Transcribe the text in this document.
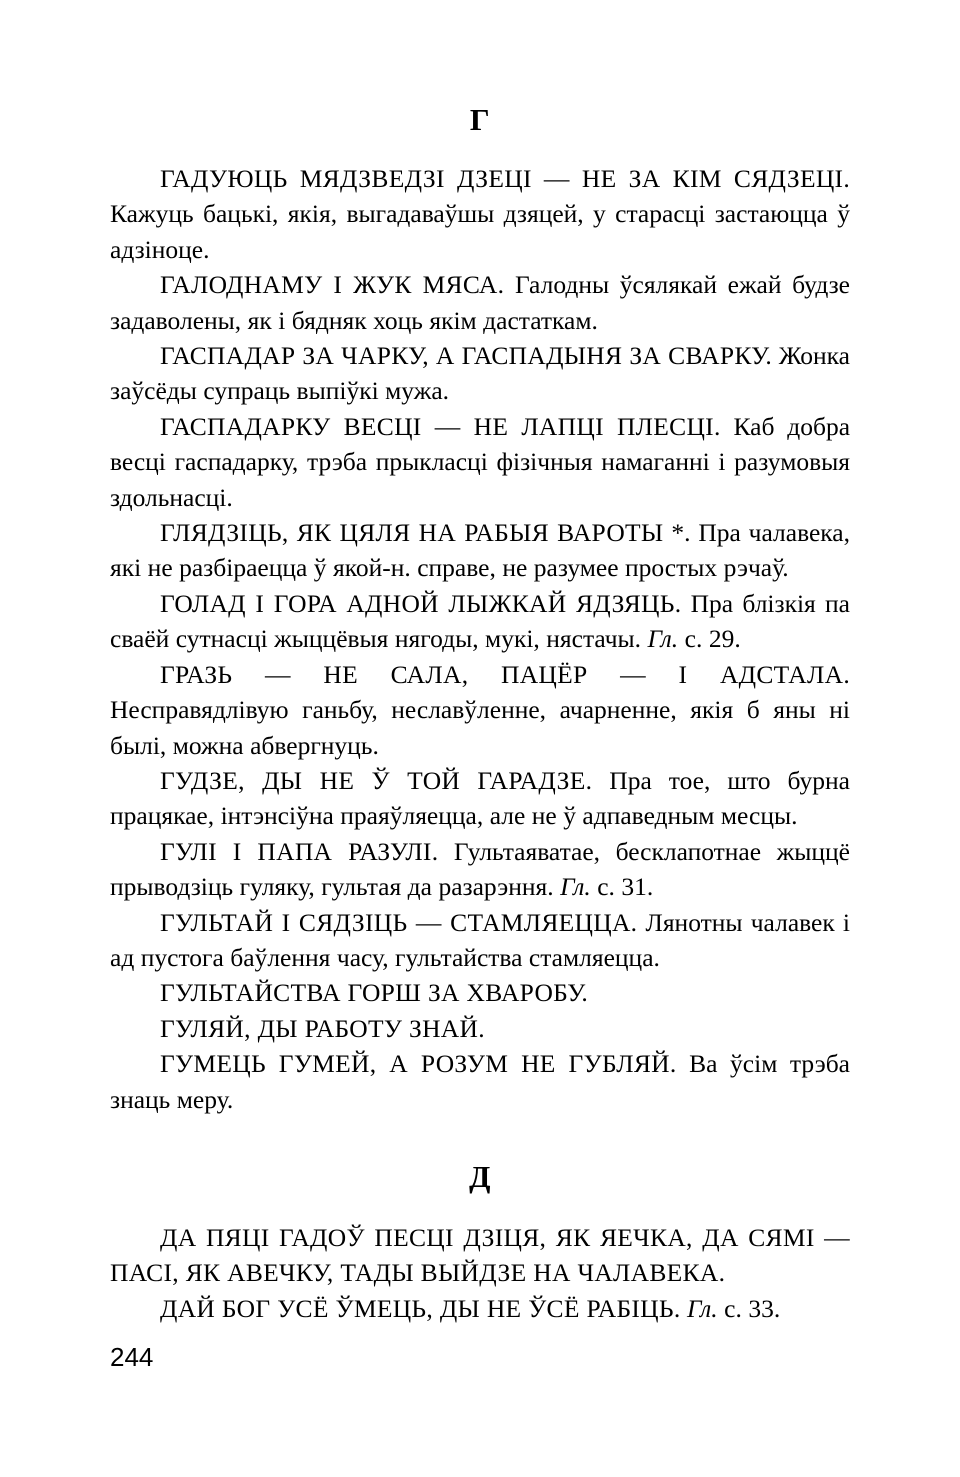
Г

ГАДУЮЦЬ МЯДЗВЕДЗІ ДЗЕЦІ — НЕ ЗА КІМ СЯДЗЕЦІ. Кажуць бацькі, якія, выгадаваўшы дзяцей, у старасці застаюцца ў адзіноце.

ГАЛОДНАМУ І ЖУК МЯСА. Галодны ўсялякай ежай будзе задаволены, як і бядняк хоць якім дастаткам.

ГАСПАДАР ЗА ЧАРКУ, А ГАСПАДЫНЯ ЗА СВАРКУ. Жонка заўсёды супраць выпіўкі мужа.

ГАСПАДАРКУ ВЕСЦІ — НЕ ЛАПЦІ ПЛЕСЦІ. Каб добра весці гаспадарку, трэба прыкласці фізічныя намаганні і разумовыя здольнасці.

ГЛЯДЗІЦЬ, ЯК ЦЯЛЯ НА РАБЫЯ ВАРОТЫ *. Пра чалавека, які не разбіраецца ў якой-н. справе, не разумее простых рэчаў.

ГОЛАД І ГОРА АДНОЙ ЛЫЖКАЙ ЯДЗЯЦЬ. Пра блізкія па сваёй сутнасці жыццёвыя нягоды, мукі, нястачы. Гл. с. 29.

ГРАЗЬ — НЕ САЛА, ПАЦЁР — І АДСТАЛА. Несправядлівую ганьбу, неславўленне, ачарненне, якія б яны ні былі, можна абвергнуць.

ГУДЗЕ, ДЫ НЕ Ў ТОЙ ГАРАДЗЕ. Пра тое, што бурна працякае, інтэнсіўна праяўляецца, але не ў адпаведным месцы.

ГУЛІ І ПАПА РАЗУЛІ. Гультаяватае, бесклапотнае жыццё прыводзіць гуляку, гультая да разарэння. Гл. с. 31.

ГУЛЬТАЙ І СЯДЗІЦЬ — СТАМЛЯЕЦЦА. Лянотны чалавек і ад пустога баўлення часу, гультайства стамляецца.

ГУЛЬТАЙСТВА ГОРШ ЗА ХВАРОБУ.

ГУЛЯЙ, ДЫ РАБОТУ ЗНАЙ.

ГУМЕЦЬ ГУМЕЙ, А РОЗУМ НЕ ГУБЛЯЙ. Ва ўсім трэба знаць меру.

Д

ДА ПЯЦІ ГАДОЎ ПЕСЦІ ДЗІЦЯ, ЯК ЯЕЧКА, ДА СЯМІ — ПАСІ, ЯК АВЕЧКУ, ТАДЫ ВЫЙДЗЕ НА ЧАЛАВЕКА.

ДАЙ БОГ УСЁ ЎМЕЦЬ, ДЫ НЕ ЎСЁ РАБІЦЬ. Гл. с. 33.

244
